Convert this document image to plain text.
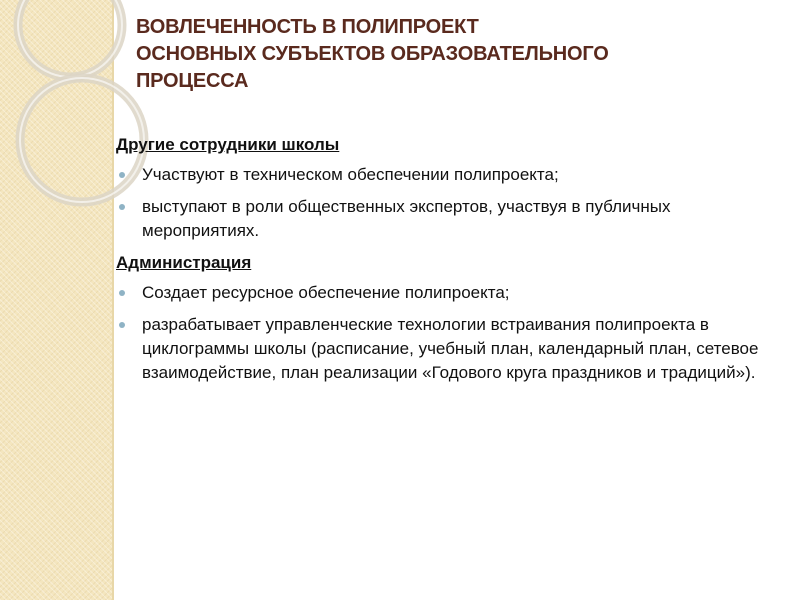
ВОВЛЕЧЕННОСТЬ В ПОЛИПРОЕКТ
ОСНОВНЫХ СУБЪЕКТОВ ОБРАЗОВАТЕЛЬНОГО
ПРОЦЕССА
Другие сотрудники школы
Участвуют в техническом обеспечении полипроекта;
выступают в роли общественных экспертов, участвуя в публичных мероприятиях.
Администрация
Создает ресурсное обеспечение полипроекта;
разрабатывает управленческие технологии встраивания полипроекта в циклограммы школы (расписание, учебный план, календарный план, сетевое взаимодействие, план реализации «Годового круга праздников и традиций»).
